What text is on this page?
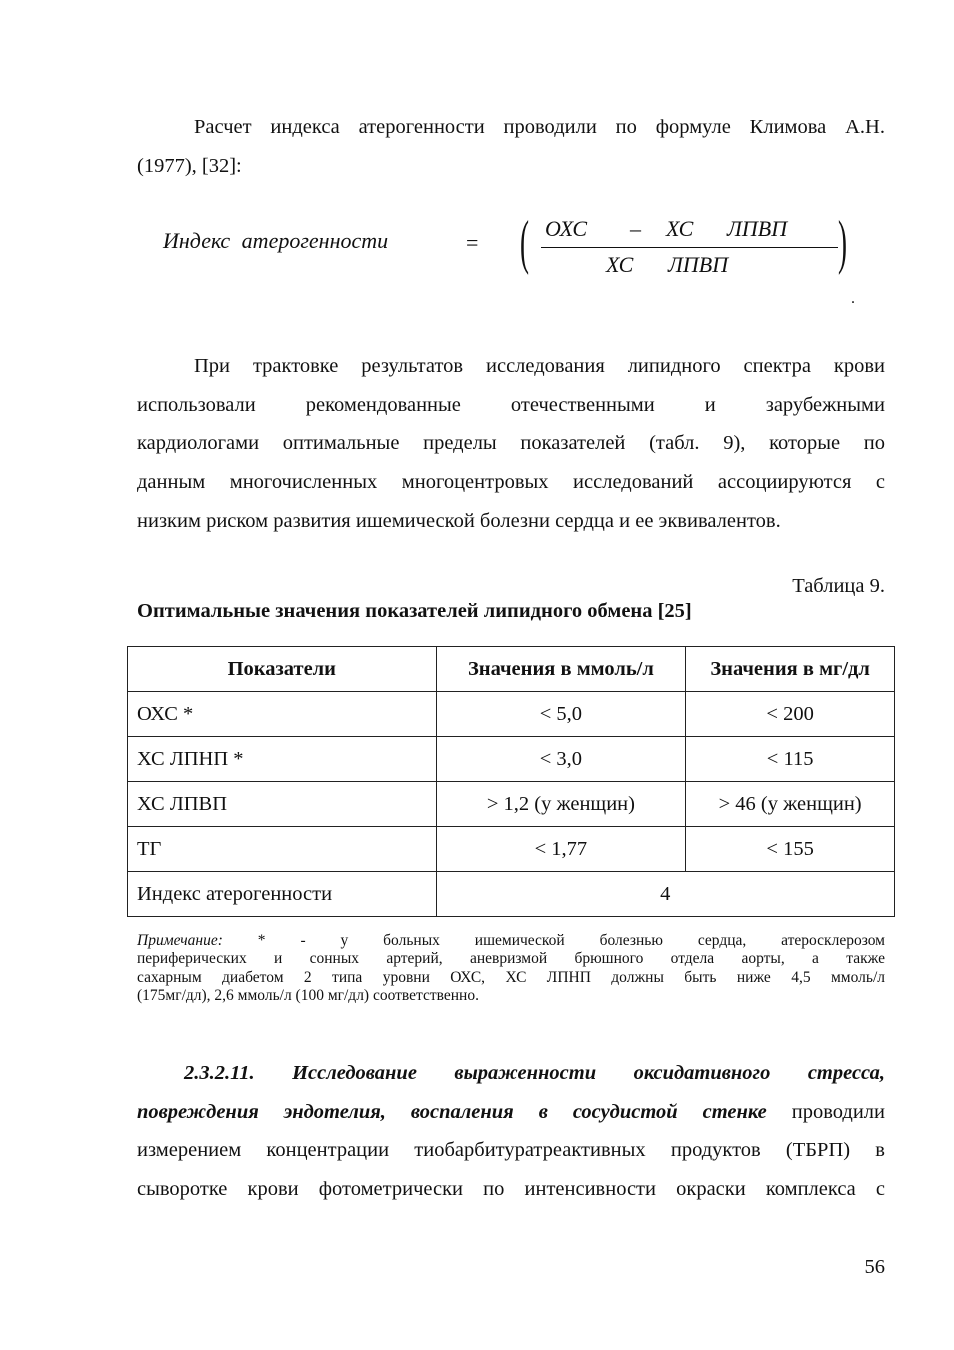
Расчет индекса атерогенности проводили по формуле Климова А.Н.
(1977), [32]:
Индекс атерогенности	= (	)
ОХС – ХС ЛПВП
ХС ЛПВП
.
При трактовке результатов исследования липидного спектра крови
использовали рекомендованные отечественными и зарубежными
кардиологами оптимальные пределы показателей (табл. 9), которые по
данным многочисленных многоцентровых исследований ассоциируются с
низким риском развития ишемической болезни сердца и ее эквивалентов.
Таблица 9.
Оптимальные значения показателей липидного обмена [25]
Показатели	Значения в ммоль/л	Значения в мг/дл
ОХС *	< 5,0	< 200
ХС ЛПНП *	< 3,0	< 115
ХС ЛПВП	> 1,2 (у женщин)	> 46 (у женщин)
ТГ	< 1,77	< 155
Индекс атерогенности	4	
Примечание: * - у больных ишемической болезнью сердца, атеросклерозом
периферических и сонных артерий, аневризмой брюшного отдела аорты, а также
сахарным диабетом 2 типа уровни ОХС, ХС ЛПНП должны быть ниже 4,5 ммоль/л
(175мг/дл), 2,6 ммоль/л (100 мг/дл) соответственно.
2.3.2.11. Исследование выраженности оксидативного стресса,
повреждения эндотелия, воспаления в сосудистой стенке проводили
измерением концентрации тиобарбитуратреактивных продуктов (ТБРП) в
сыворотке крови фотометрически по интенсивности окраски комплекса с
56
